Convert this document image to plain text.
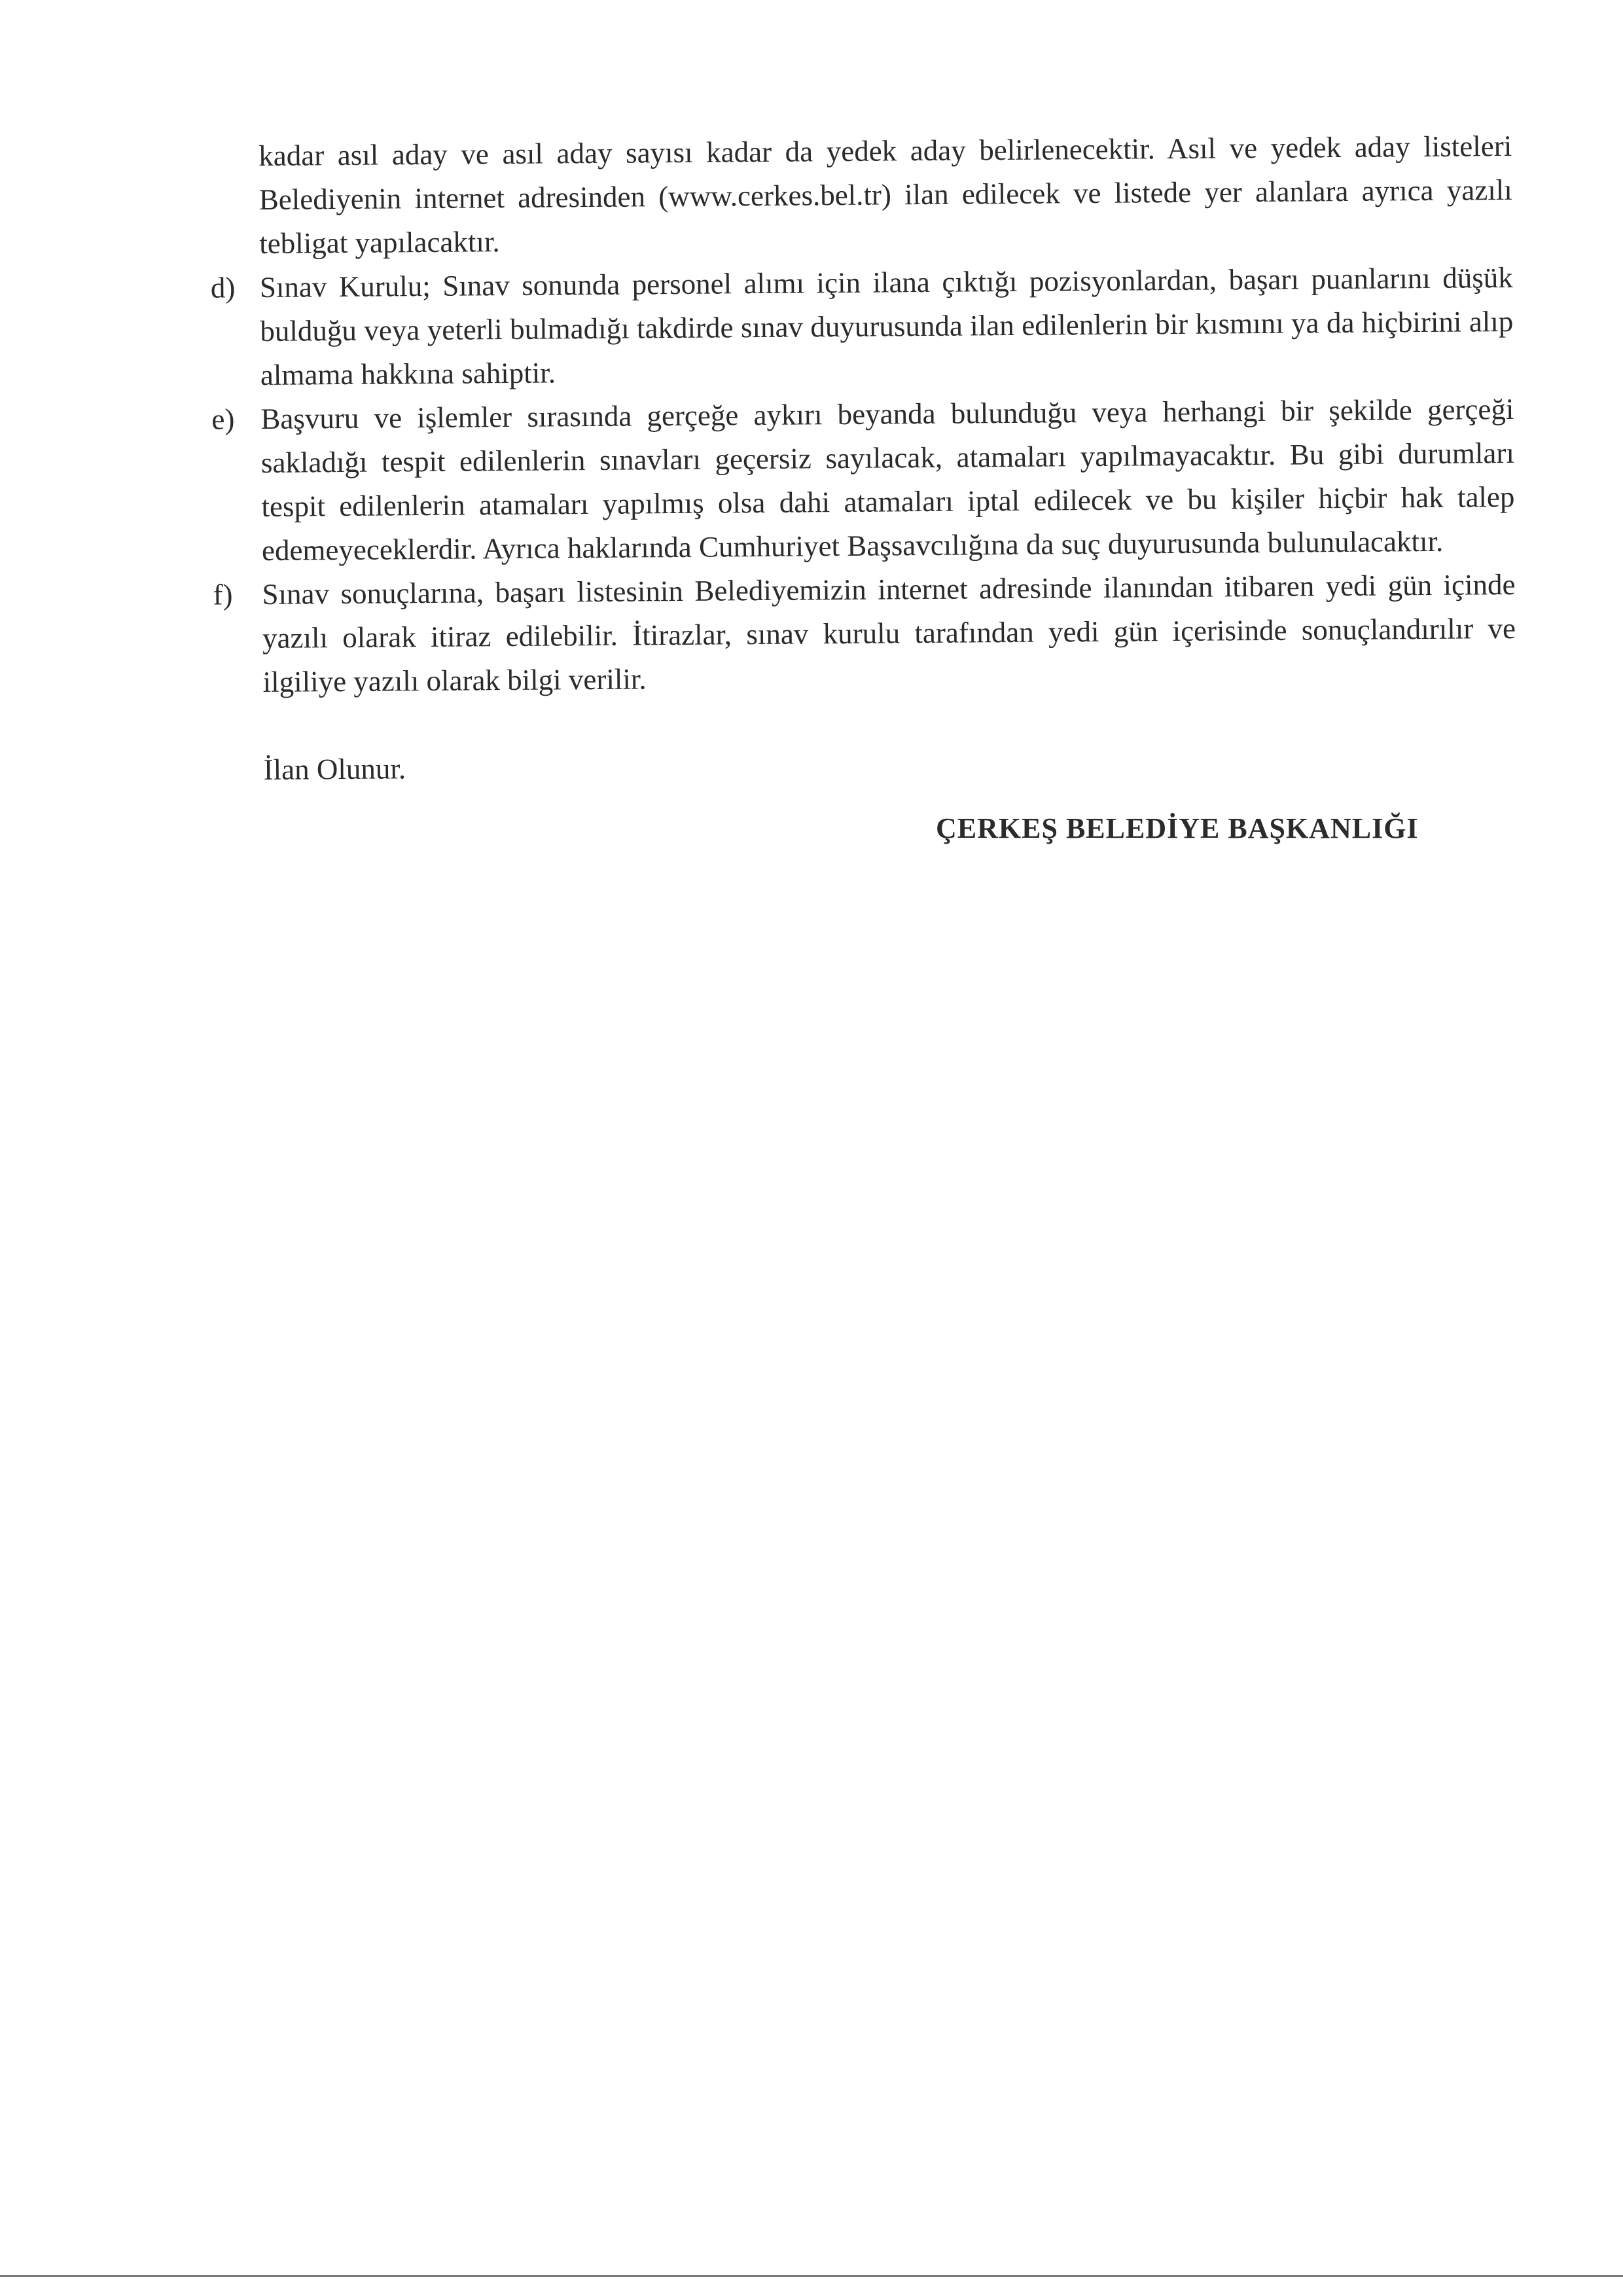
kadar asıl aday ve asıl aday sayısı kadar da yedek aday belirlenecektir. Asıl ve yedek aday listeleri Belediyenin internet adresinden (www.cerkes.bel.tr) ilan edilecek ve listede yer alanlara ayrıca yazılı tebligat yapılacaktır.

d) Sınav Kurulu; Sınav sonunda personel alımı için ilana çıktığı pozisyonlardan, başarı puanlarını düşük bulduğu veya yeterli bulmadığı takdirde sınav duyurusunda ilan edilenlerin bir kısmını ya da hiçbirini alıp almama hakkına sahiptir.

e) Başvuru ve işlemler sırasında gerçeğe aykırı beyanda bulunduğu veya herhangi bir şekilde gerçeği sakladığı tespit edilenlerin sınavları geçersiz sayılacak, atamaları yapılmayacaktır. Bu gibi durumları tespit edilenlerin atamaları yapılmış olsa dahi atamaları iptal edilecek ve bu kişiler hiçbir hak talep edemeyeceklerdir. Ayrıca haklarında Cumhuriyet Başsavcılığına da suç duyurusunda bulunulacaktır.

f) Sınav sonuçlarına, başarı listesinin Belediyemizin internet adresinde ilanından itibaren yedi gün içinde yazılı olarak itiraz edilebilir. İtirazlar, sınav kurulu tarafından yedi gün içerisinde sonuçlandırılır ve ilgiliye yazılı olarak bilgi verilir.

İlan Olunur.

ÇERKEŞ BELEDİYE BAŞKANLIĞI
